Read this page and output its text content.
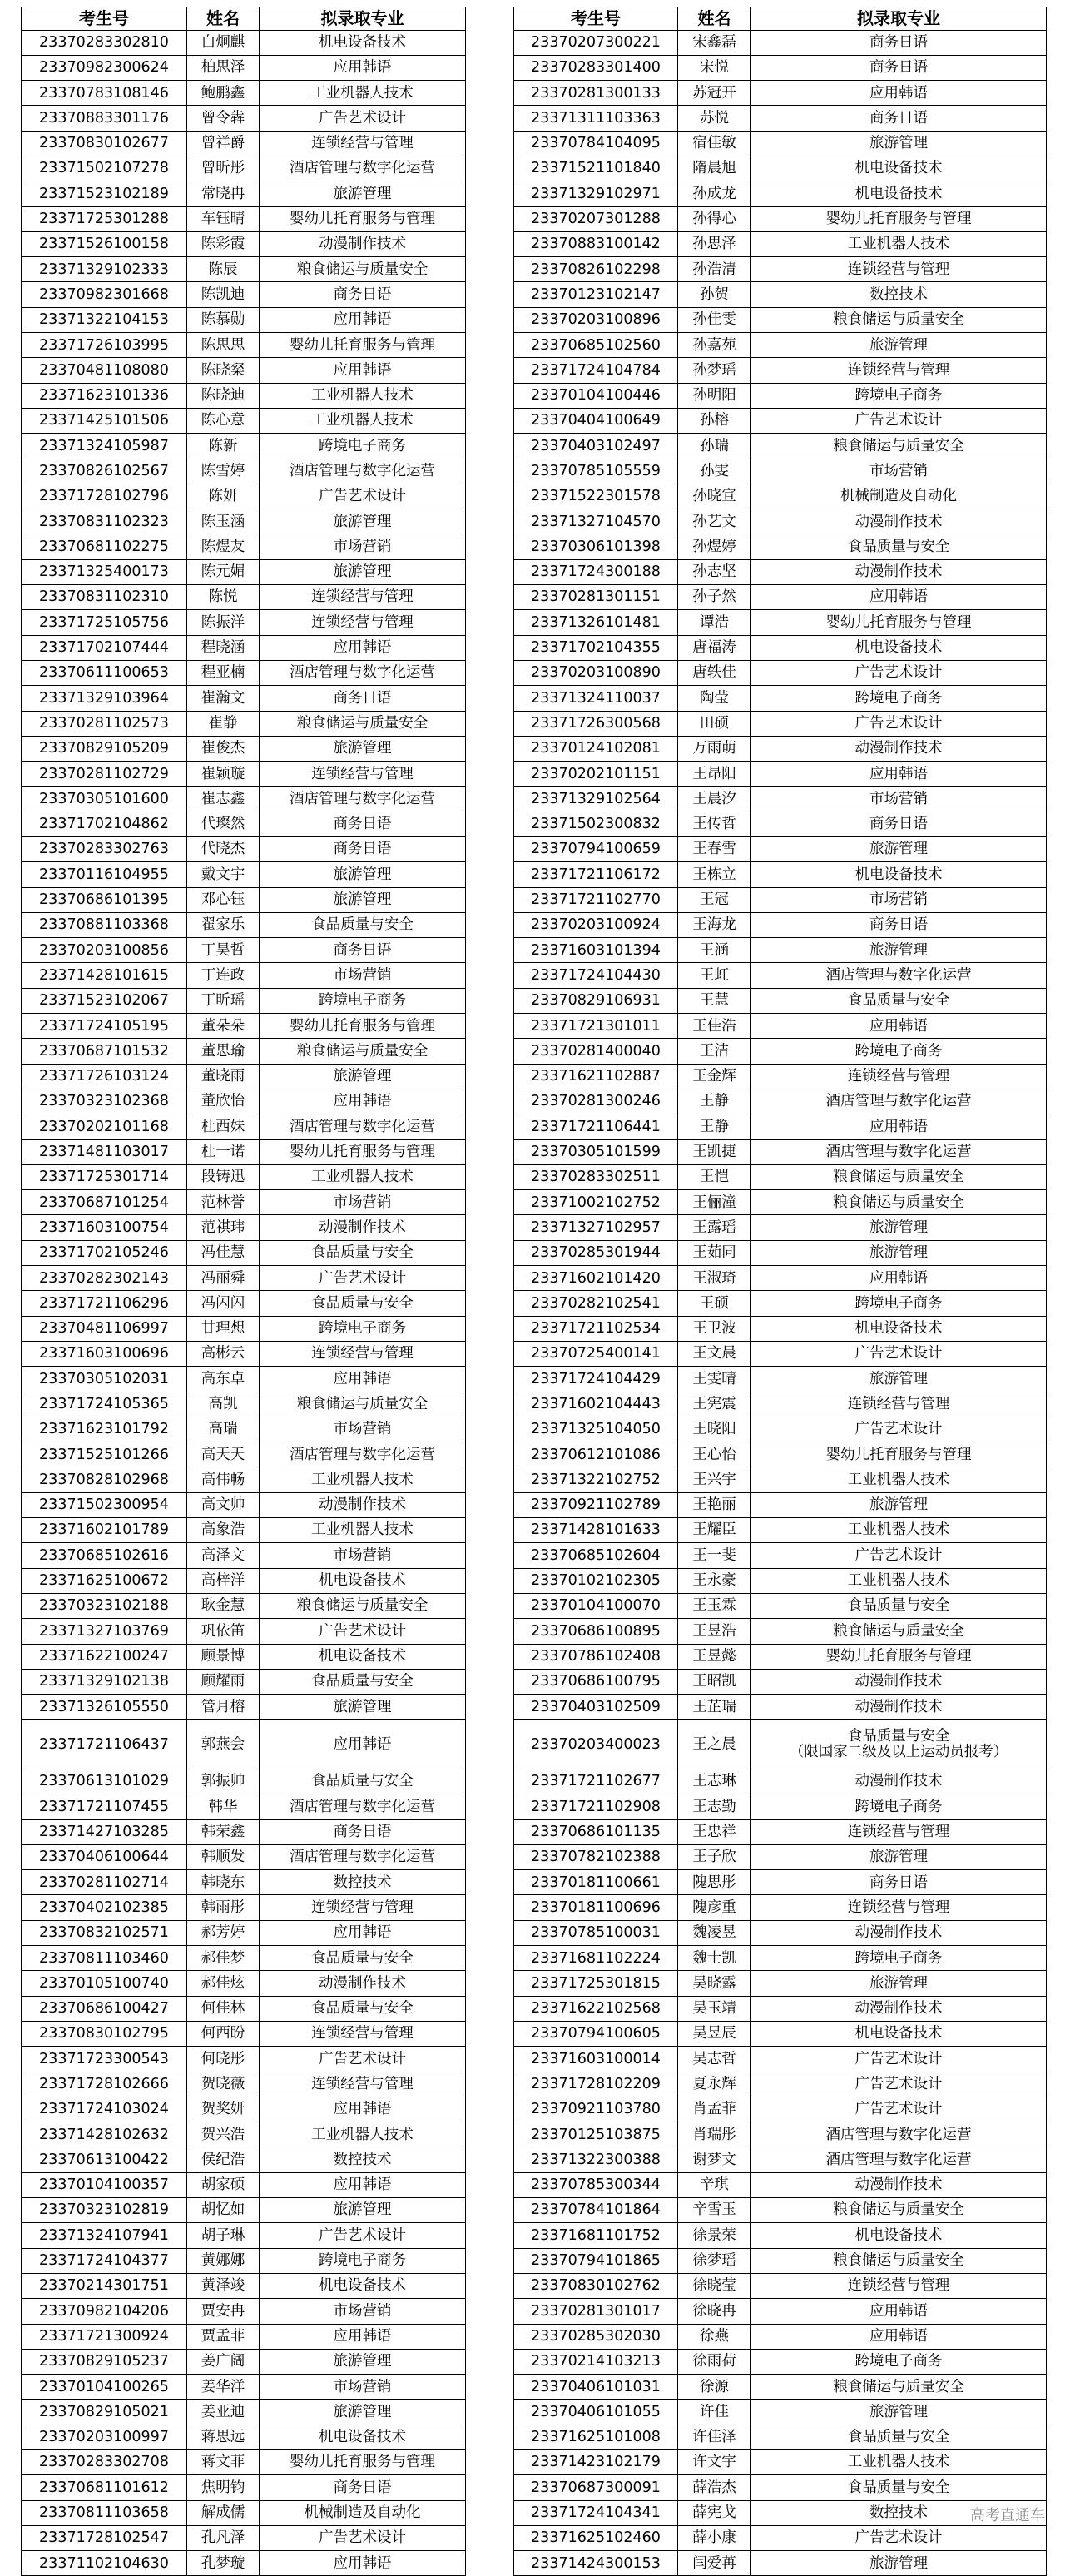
考生号	姓名	拟录取专业
23370283302810	白炯麒	机电设备技术
23370982300624	柏思泽	应用韩语
23370783108146	鲍鹏鑫	工业机器人技术
23370883301176	曾令犇	广告艺术设计
23370830102677	曾祥爵	连锁经营与管理
23371502107278	曾昕彤	酒店管理与数字化运营
23371523102189	常晓冉	旅游管理
23371725301288	车钰晴	婴幼儿托育服务与管理
23371526100158	陈彩霞	动漫制作技术
23371329102333	陈辰	粮食储运与质量安全
23370982301668	陈凯迪	商务日语
23371322104153	陈慕勋	应用韩语
23371726103995	陈思思	婴幼儿托育服务与管理
23370481108080	陈晓粲	应用韩语
23371623101336	陈晓迪	工业机器人技术
23371425101506	陈心意	工业机器人技术
23371324105987	陈新	跨境电子商务
23370826102567	陈雪婷	酒店管理与数字化运营
23371728102796	陈妍	广告艺术设计
23370831102323	陈玉涵	旅游管理
23370681102275	陈煜友	市场营销
23371325400173	陈元媚	旅游管理
23370831102310	陈悦	连锁经营与管理
23371725105756	陈振洋	连锁经营与管理
23371702107444	程晓涵	应用韩语
23370611100653	程亚楠	酒店管理与数字化运营
23371329103964	崔瀚文	商务日语
23370281102573	崔静	粮食储运与质量安全
23370829105209	崔俊杰	旅游管理
23370281102729	崔颖璇	连锁经营与管理
23370305101600	崔志鑫	酒店管理与数字化运营
23371702104862	代璨然	商务日语
23370283302763	代晓杰	商务日语
23370116104955	戴文宇	旅游管理
23370686101395	邓心钰	旅游管理
23370881103368	翟家乐	食品质量与安全
23370203100856	丁昊哲	商务日语
23371428101615	丁连政	市场营销
23371523102067	丁昕瑶	跨境电子商务
23371724105195	董朵朵	婴幼儿托育服务与管理
23370687101532	董思瑜	粮食储运与质量安全
23371726103124	董晓雨	旅游管理
23370323102368	董欣怡	应用韩语
23370202101168	杜西妹	酒店管理与数字化运营
23371481103017	杜一诺	婴幼儿托育服务与管理
23371725301714	段铸迅	工业机器人技术
23370687101254	范林誉	市场营销
23371603100754	范祺玮	动漫制作技术
23371702105246	冯佳慧	食品质量与安全
23370282302143	冯丽舜	广告艺术设计
23371721106296	冯闪闪	食品质量与安全
23370481106997	甘理想	跨境电子商务
23371603100696	高彬云	连锁经营与管理
23370305102031	高东卓	应用韩语
23371724105365	高凯	粮食储运与质量安全
23371623101792	高瑞	市场营销
23371525101266	高天天	酒店管理与数字化运营
23370828102968	高伟畅	工业机器人技术
23371502300954	高文帅	动漫制作技术
23371602101789	高象浩	工业机器人技术
23370685102616	高泽文	市场营销
23371625100672	高梓洋	机电设备技术
23370323102188	耿金慧	粮食储运与质量安全
23371327103769	巩依笛	广告艺术设计
23371622100247	顾景博	机电设备技术
23371329102138	顾耀雨	食品质量与安全
23371326105550	管月榕	旅游管理
23371721106437	郭燕会	应用韩语
23370613101029	郭振帅	食品质量与安全
23371721107455	韩华	酒店管理与数字化运营
23371427103285	韩荣鑫	商务日语
23370406100644	韩顺发	酒店管理与数字化运营
23370281102714	韩晓东	数控技术
23370402102385	韩雨彤	连锁经营与管理
23370832102571	郝芳婷	应用韩语
23370811103460	郝佳梦	食品质量与安全
23370105100740	郝佳炫	动漫制作技术
23370686100427	何佳林	食品质量与安全
23370830102795	何西盼	连锁经营与管理
23371723300543	何晓彤	广告艺术设计
23371728102666	贺晓薇	连锁经营与管理
23371724103024	贺奖妍	应用韩语
23371428102632	贺兴浩	工业机器人技术
23370613100422	侯纪浩	数控技术
23370104100357	胡家硕	应用韩语
23370323102819	胡忆如	旅游管理
23371324107941	胡子琳	广告艺术设计
23371724104377	黄娜娜	跨境电子商务
23370214301751	黄泽竣	机电设备技术
23370982104206	贾安冉	市场营销
23371721300924	贾孟菲	应用韩语
23370829105237	姜广阔	旅游管理
23370104100265	姜华洋	市场营销
23370829105021	姜亚迪	旅游管理
23370203100997	蒋思远	机电设备技术
23370283302708	蒋文菲	婴幼儿托育服务与管理
23370681101612	焦明钧	商务日语
23370811103658	解成儒	机械制造及自动化
23371728102547	孔凡泽	广告艺术设计
23371102104630	孔梦璇	应用韩语
考生号	姓名	拟录取专业
23370207300221	宋鑫磊	商务日语
23370283301400	宋悦	商务日语
23370281300133	苏冠开	应用韩语
23371311103363	苏悦	商务日语
23370784104095	宿佳敏	旅游管理
23371521101840	隋晨旭	机电设备技术
23371329102971	孙成龙	机电设备技术
23370207301288	孙得心	婴幼儿托育服务与管理
23370883100142	孙思泽	工业机器人技术
23370826102298	孙浩清	连锁经营与管理
23370123102147	孙贺	数控技术
23370203100896	孙佳雯	粮食储运与质量安全
23370685102560	孙嘉苑	旅游管理
23371724104784	孙梦瑶	连锁经营与管理
23370104100446	孙明阳	跨境电子商务
23370404100649	孙榕	广告艺术设计
23370403102497	孙瑞	粮食储运与质量安全
23370785105559	孙雯	市场营销
23371522301578	孙晓宣	机械制造及自动化
23371327104570	孙艺文	动漫制作技术
23370306101398	孙煜婷	食品质量与安全
23371724300188	孙志坚	动漫制作技术
23370281301151	孙子然	应用韩语
23371326101481	谭浩	婴幼儿托育服务与管理
23371702104355	唐福涛	机电设备技术
23370203100890	唐轶佳	广告艺术设计
23371324110037	陶莹	跨境电子商务
23371726300568	田硕	广告艺术设计
23370124102081	万雨萌	动漫制作技术
23370202101151	王昂阳	应用韩语
23371329102564	王晨汐	市场营销
23371502300832	王传哲	商务日语
23370794100659	王春雪	旅游管理
23371721106172	王栋立	机电设备技术
23371721102770	王冠	市场营销
23370203100924	王海龙	商务日语
23371603101394	王涵	旅游管理
23371724104430	王虹	酒店管理与数字化运营
23370829106931	王慧	食品质量与安全
23371721301011	王佳浩	应用韩语
23370281400040	王洁	跨境电子商务
23371621102887	王金辉	连锁经营与管理
23370281300246	王静	酒店管理与数字化运营
23371721106441	王静	应用韩语
23370305101599	王凯捷	酒店管理与数字化运营
23370283302511	王恺	粮食储运与质量安全
23371002102752	王俪潼	粮食储运与质量安全
23371327102957	王露瑶	旅游管理
23370285301944	王茹同	旅游管理
23371602101420	王淑琦	应用韩语
23370282102541	王硕	跨境电子商务
23371721102534	王卫波	机电设备技术
23370725400141	王文晨	广告艺术设计
23371724104429	王雯晴	旅游管理
23371602104443	王宪震	连锁经营与管理
23371325104050	王晓阳	广告艺术设计
23370612101086	王心怡	婴幼儿托育服务与管理
23371322102752	王兴宇	工业机器人技术
23370921102789	王艳丽	旅游管理
23371428101633	王耀臣	工业机器人技术
23370685102604	王一斐	广告艺术设计
23370102102305	王永豪	工业机器人技术
23370104100070	王玉霖	食品质量与安全
23370686100895	王昱浩	粮食储运与质量安全
23370786102408	王昱懿	婴幼儿托育服务与管理
23370686100795	王昭凯	动漫制作技术
23370403102509	王芷瑞	动漫制作技术
23370203400023	王之晨	食品质量与安全
（限国家二级及以上运动员报考）
23371721102677	王志琳	动漫制作技术
23371721102908	王志勤	跨境电子商务
23370686101135	王忠祥	连锁经营与管理
23370782102388	王子欣	旅游管理
23370181100661	隗思彤	商务日语
23370181100696	隗彦重	连锁经营与管理
23370785100031	魏凌昱	动漫制作技术
23371681102224	魏士凯	跨境电子商务
23371725301815	吴晓露	旅游管理
23371622102568	吴玉靖	动漫制作技术
23370794100605	吴昱辰	机电设备技术
23371603100014	吴志哲	广告艺术设计
23371728102209	夏永辉	广告艺术设计
23370921103780	肖孟菲	广告艺术设计
23370125103875	肖瑞彤	酒店管理与数字化运营
23371322300388	谢梦文	酒店管理与数字化运营
23370785300344	辛琪	动漫制作技术
23370784101864	辛雪玉	粮食储运与质量安全
23371681101752	徐景荣	机电设备技术
23370794101865	徐梦瑶	粮食储运与质量安全
23370830102762	徐晓莹	连锁经营与管理
23370281301017	徐晓冉	应用韩语
23370285302030	徐燕	应用韩语
23370214103213	徐雨荷	跨境电子商务
23370406101031	徐源	粮食储运与质量安全
23370406101055	许佳	旅游管理
23371625101008	许佳泽	食品质量与安全
23371423102179	许文宇	工业机器人技术
23370687300091	薛浩杰	食品质量与安全
23371724104341	薛宪戈	数控技术
23371625102460	薛小康	广告艺术设计
23371424300153	闫爱苒	旅游管理
高考直通车
